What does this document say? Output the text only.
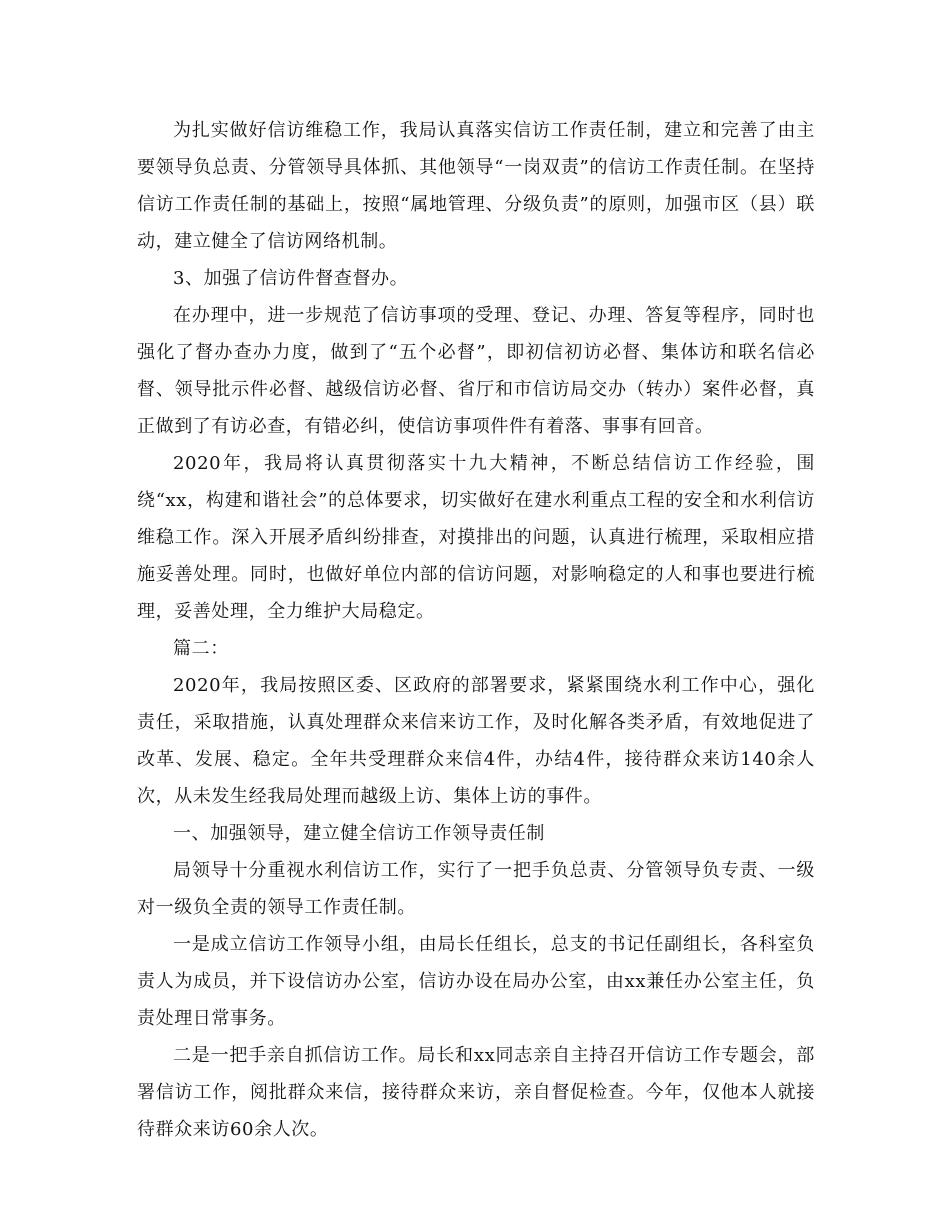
为扎实做好信访维稳工作，我局认真落实信访工作责任制，建立和完善了由主要领导负总责、分管领导具体抓、其他领导“一岗双责”的信访工作责任制。在坚持信访工作责任制的基础上，按照“属地管理、分级负责”的原则，加强市区（县）联动，建立健全了信访网络机制。

3、加强了信访件督查督办。

在办理中，进一步规范了信访事项的受理、登记、办理、答复等程序，同时也强化了督办查办力度，做到了“五个必督”，即初信初访必督、集体访和联名信必督、领导批示件必督、越级信访必督、省厅和市信访局交办（转办）案件必督，真正做到了有访必查，有错必纠，使信访事项件件有着落、事事有回音。

2020年，我局将认真贯彻落实十九大精神，不断总结信访工作经验，围绕“xx，构建和谐社会”的总体要求，切实做好在建水利重点工程的安全和水利信访维稳工作。深入开展矛盾纠纷排查，对摸排出的问题，认真进行梳理，采取相应措施妥善处理。同时，也做好单位内部的信访问题，对影响稳定的人和事也要进行梳理，妥善处理，全力维护大局稳定。

篇二：

2020年，我局按照区委、区政府的部署要求，紧紧围绕水利工作中心，强化责任，采取措施，认真处理群众来信来访工作，及时化解各类矛盾，有效地促进了改革、发展、稳定。全年共受理群众来信4件，办结4件，接待群众来访140余人次，从未发生经我局处理而越级上访、集体上访的事件。

一、加强领导，建立健全信访工作领导责任制

局领导十分重视水利信访工作，实行了一把手负总责、分管领导负专责、一级对一级负全责的领导工作责任制。

一是成立信访工作领导小组，由局长任组长，总支的书记任副组长，各科室负责人为成员，并下设信访办公室，信访办设在局办公室，由xx兼任办公室主任，负责处理日常事务。

二是一把手亲自抓信访工作。局长和xx同志亲自主持召开信访工作专题会，部署信访工作，阅批群众来信，接待群众来访，亲自督促检查。今年，仅他本人就接待群众来访60余人次。
